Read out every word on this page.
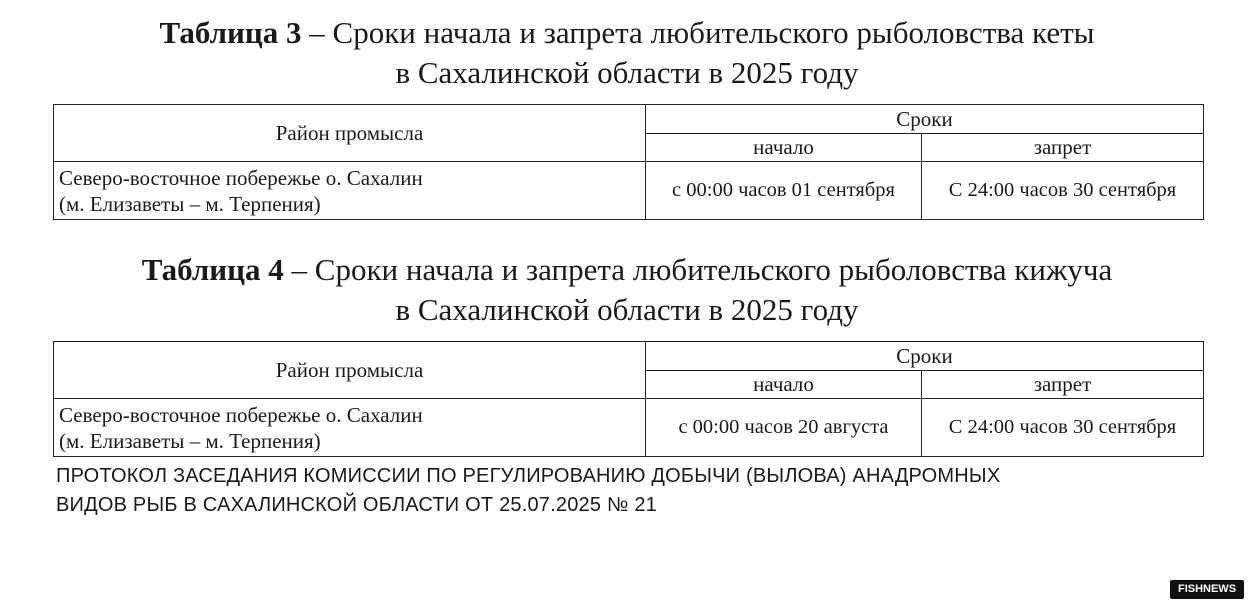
Таблица 3 – Сроки начала и запрета любительского рыболовства кеты
в Сахалинской области в 2025 году
Район промысла	Сроки	
	начало	запрет

Северо-восточное побережье о. Сахалин
(м. Елизаветы – м. Терпения)	с 00:00 часов 01 сентября	С 24:00 часов 30 сентября
Таблица 4 – Сроки начала и запрета любительского рыболовства кижуча
в Сахалинской области в 2025 году
Район промысла	Сроки	
	начало	запрет

Северо-восточное побережье о. Сахалин
(м. Елизаветы – м. Терпения)	с 00:00 часов 20 августа	С 24:00 часов 30 сентября
ПРОТОКОЛ ЗАСЕДАНИЯ КОМИССИИ ПО РЕГУЛИРОВАНИЮ ДОБЫЧИ (ВЫЛОВА) АНАДРОМНЫХ
ВИДОВ РЫБ В САХАЛИНСКОЙ ОБЛАСТИ ОТ 25.07.2025 № 21
FISHNEWS
